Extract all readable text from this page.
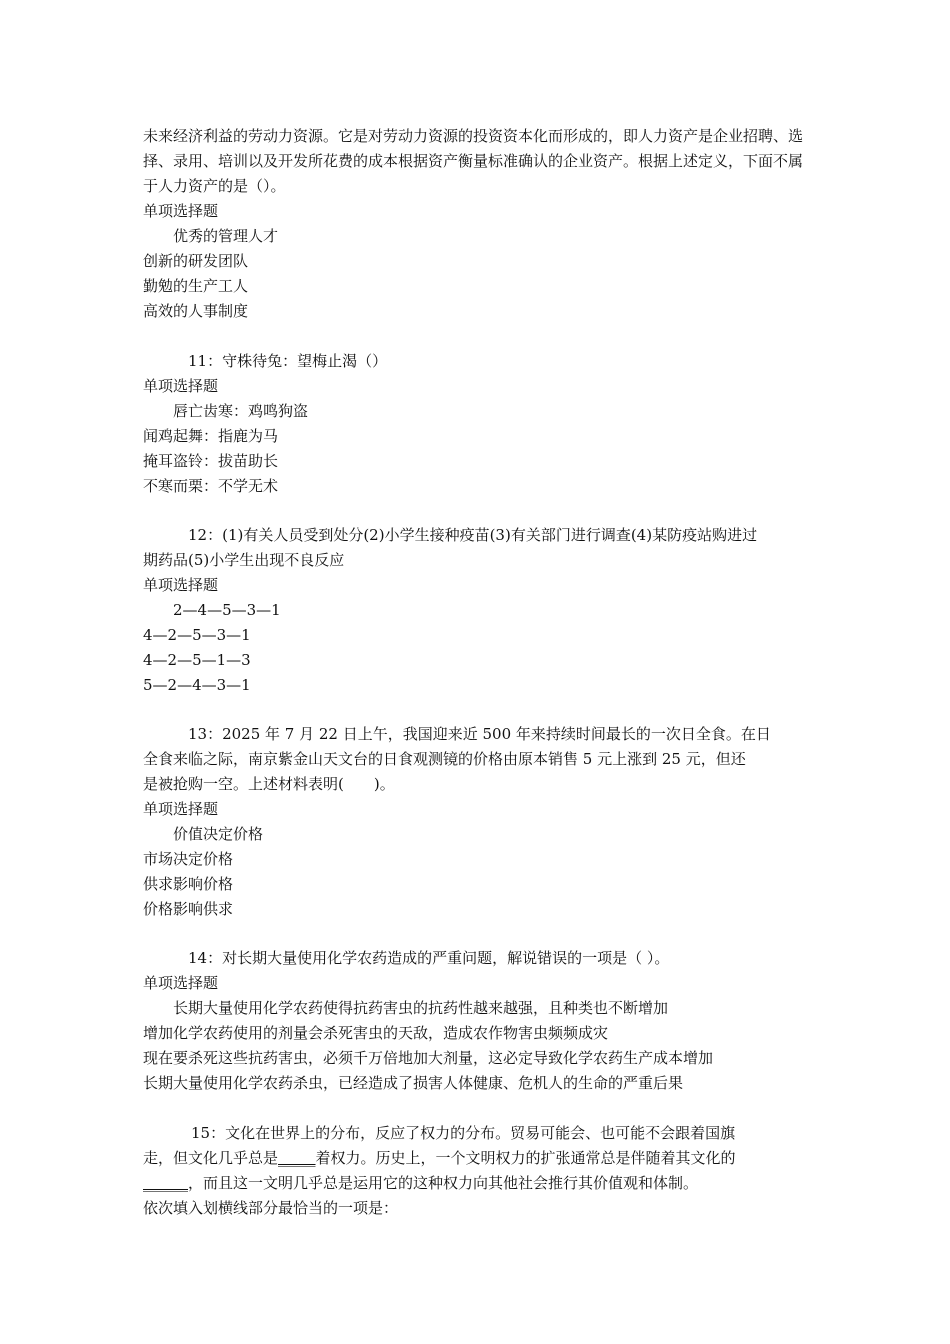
未来经济利益的劳动力资源。它是对劳动力资源的投资资本化而形成的，即人力资产是企业招聘、选择、录用、培训以及开发所花费的成本根据资产衡量标准确认的企业资产。根据上述定义，下面不属于人力资产的是（）。
单项选择题
优秀的管理人才
创新的研发团队
勤勉的生产工人
高效的人事制度
11：守株待兔：望梅止渴（）
单项选择题
唇亡齿寒：鸡鸣狗盗
闻鸡起舞：指鹿为马
掩耳盗铃：拔苗助长
不寒而栗：不学无术
12：(1)有关人员受到处分(2)小学生接种疫苗(3)有关部门进行调查(4)某防疫站购进过
期药品(5)小学生出现不良反应
单项选择题
2—4—5—3—1
4—2—5—3—1
4—2—5—1—3
5—2—4—3—1
13：2025 年 7 月 22 日上午，我国迎来近 500 年来持续时间最长的一次日全食。在日
全食来临之际，南京紫金山天文台的日食观测镜的价格由原本销售 5 元上涨到 25 元，但还
是被抢购一空。上述材料表明(　　)。
单项选择题
价值决定价格
市场决定价格
供求影响价格
价格影响供求
14：对长期大量使用化学农药造成的严重问题，解说错误的一项是（ ）。
单项选择题
长期大量使用化学农药使得抗药害虫的抗药性越来越强，且种类也不断增加
增加化学农药使用的剂量会杀死害虫的天敌，造成农作物害虫频频成灾
现在要杀死这些抗药害虫，必须千万倍地加大剂量，这必定导致化学农药生产成本增加
长期大量使用化学农药杀虫，已经造成了损害人体健康、危机人的生命的严重后果
15：文化在世界上的分布，反应了权力的分布。贸易可能会、也可能不会跟着国旗
走，但文化几乎总是_____着权力。历史上，一个文明权力的扩张通常总是伴随着其文化的
______，而且这一文明几乎总是运用它的这种权力向其他社会推行其价值观和体制。
依次填入划横线部分最恰当的一项是：
